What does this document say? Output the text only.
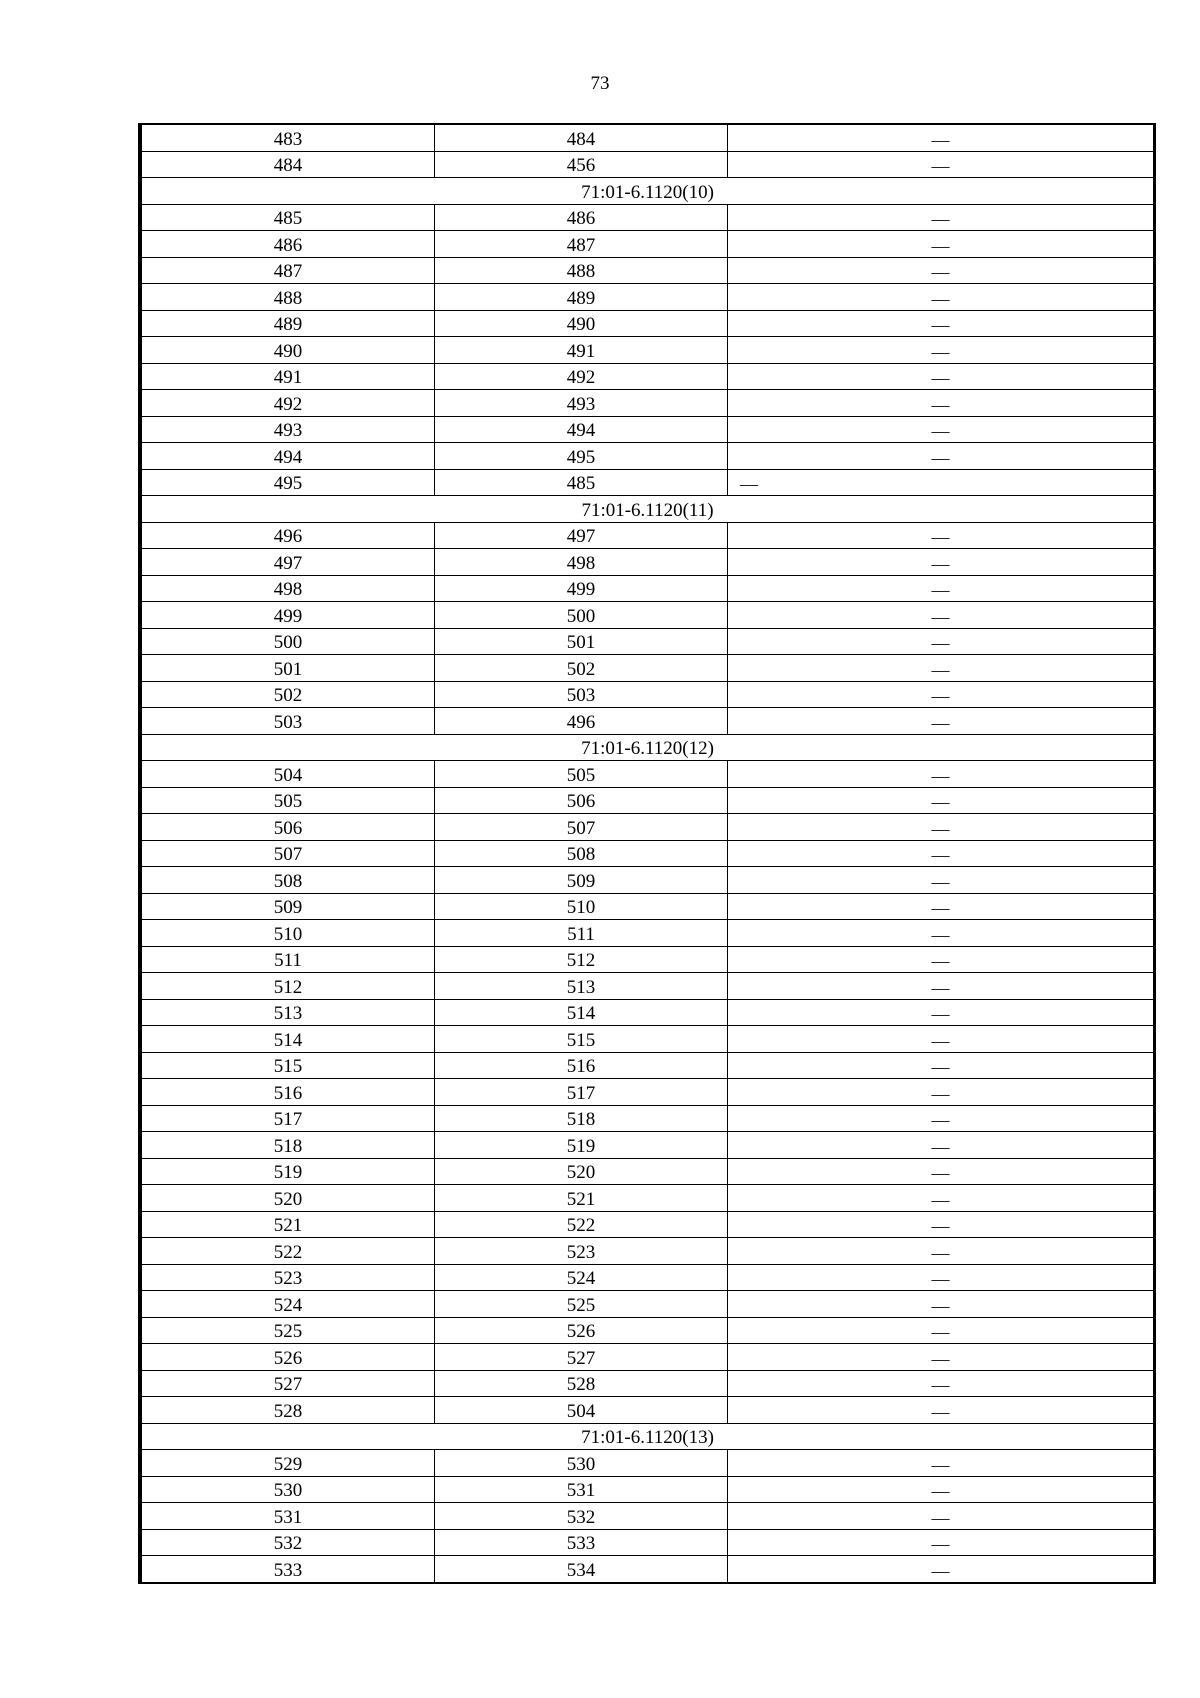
73
483	484	—
484	456	—
71:01-6.1120(10)		
485	486	—
486	487	—
487	488	—
488	489	—
489	490	—
490	491	—
491	492	—
492	493	—
493	494	—
494	495	—
495	485	—
71:01-6.1120(11)		
496	497	—
497	498	—
498	499	—
499	500	—
500	501	—
501	502	—
502	503	—
503	496	—
71:01-6.1120(12)		
504	505	—
505	506	—
506	507	—
507	508	—
508	509	—
509	510	—
510	511	—
511	512	—
512	513	—
513	514	—
514	515	—
515	516	—
516	517	—
517	518	—
518	519	—
519	520	—
520	521	—
521	522	—
522	523	—
523	524	—
524	525	—
525	526	—
526	527	—
527	528	—
528	504	—
71:01-6.1120(13)		
529	530	—
530	531	—
531	532	—
532	533	—
533	534	—
